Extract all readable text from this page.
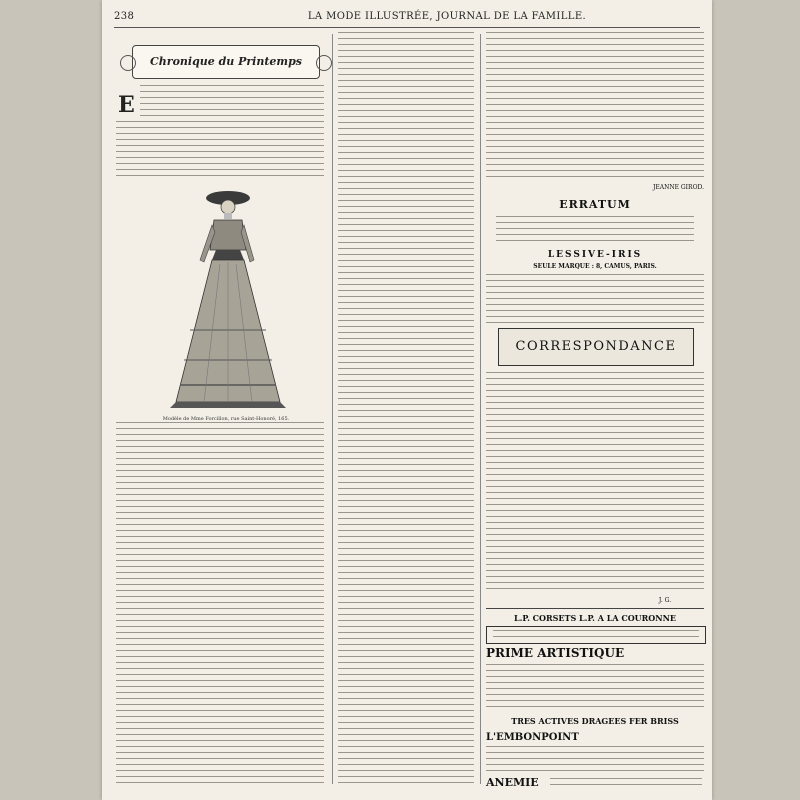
238	LA MODE ILLUSTRÉE, JOURNAL DE LA FAMILLE.
Chronique du Printemps
E
Modèle de Mme Forcillon, rue Saint-Honoré, 165.
JEANNE GIROD.
ERRATUM
LESSIVE-IRIS
SEULE MARQUE : 8, CAMUS, PARIS.
CORRESPONDANCE
J. G.
L.P. CORSETS L.P. A LA COURONNE
PRIME ARTISTIQUE
TRES ACTIVES DRAGEES FER BRISS
L'EMBONPOINT
ANEMIE
